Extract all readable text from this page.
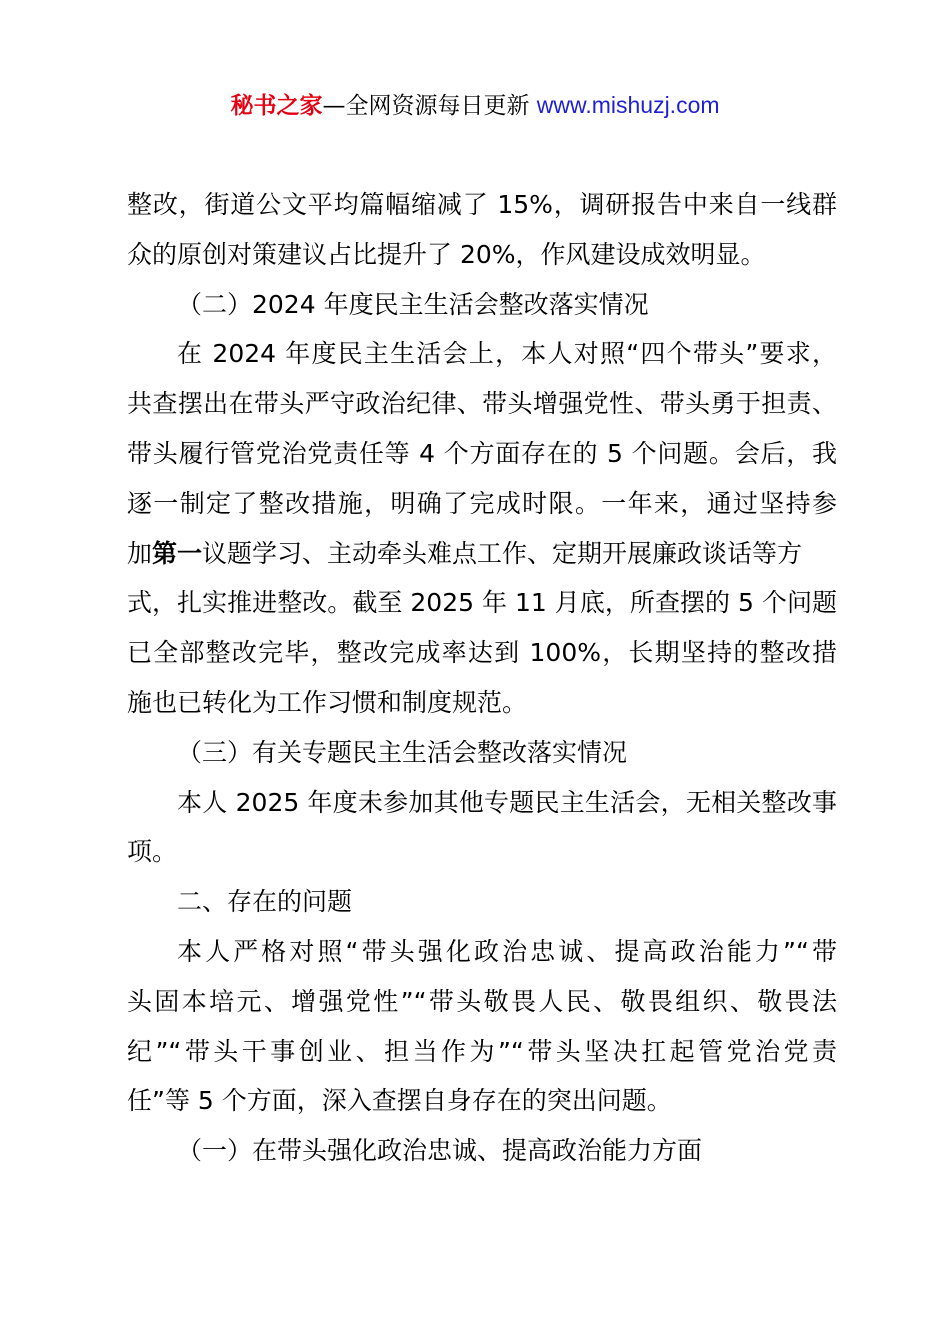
秘书之家—全网资源每日更新 www.mishuzj.com
整改，街道公文平均篇幅缩减了 15%，调研报告中来自一线群
众的原创对策建议占比提升了 20%，作风建设成效明显。
（二）2024 年度民主生活会整改落实情况
在 2024 年度民主生活会上，本人对照“四个带头”要求，
共查摆出在带头严守政治纪律、带头增强党性、带头勇于担责、
带头履行管党治党责任等 4 个方面存在的 5 个问题。会后，我
逐一制定了整改措施，明确了完成时限。一年来，通过坚持参
加第一议题学习、主动牵头难点工作、定期开展廉政谈话等方
式，扎实推进整改。截至 2025 年 11 月底，所查摆的 5 个问题
已全部整改完毕，整改完成率达到 100%，长期坚持的整改措
施也已转化为工作习惯和制度规范。
（三）有关专题民主生活会整改落实情况
本人 2025 年度未参加其他专题民主生活会，无相关整改事
项。
二、存在的问题
本人严格对照“带头强化政治忠诚、提高政治能力”“带
头固本培元、增强党性”“带头敬畏人民、敬畏组织、敬畏法
纪”“带头干事创业、担当作为”“带头坚决扛起管党治党责
任”等 5 个方面，深入查摆自身存在的突出问题。
（一）在带头强化政治忠诚、提高政治能力方面
